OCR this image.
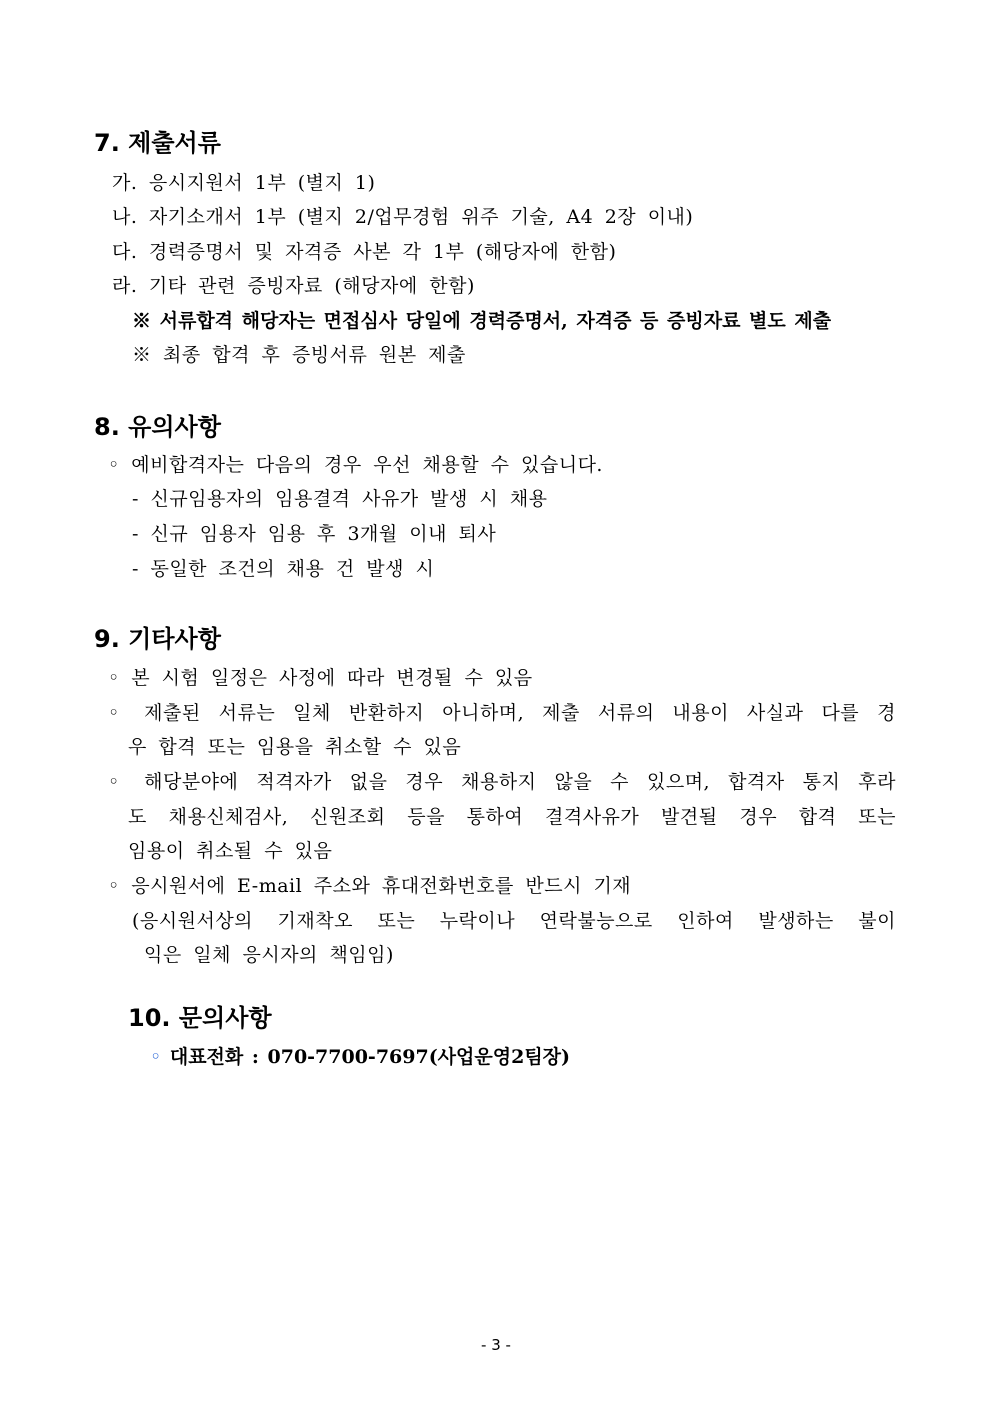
7. 제출서류
가. 응시지원서 1부 (별지 1)
나. 자기소개서 1부 (별지 2/업무경험 위주 기술, A4 2장 이내)
다. 경력증명서 및 자격증 사본 각 1부 (해당자에 한함)
라. 기타 관련 증빙자료 (해당자에 한함)
※ 서류합격 해당자는 면접심사 당일에 경력증명서, 자격증 등 증빙자료 별도 제출
※ 최종 합격 후 증빙서류 원본 제출
8. 유의사항
◦ 예비합격자는 다음의 경우 우선 채용할 수 있습니다.
- 신규임용자의 임용결격 사유가 발생 시 채용
- 신규 임용자 임용 후 3개월 이내 퇴사
- 동일한 조건의 채용 건 발생 시
9. 기타사항
◦ 본 시험 일정은 사정에 따라 변경될 수 있음
◦ 제출된 서류는 일체 반환하지 아니하며, 제출 서류의 내용이 사실과 다를 경
우 합격 또는 임용을 취소할 수 있음
◦ 해당분야에 적격자가 없을 경우 채용하지 않을 수 있으며, 합격자 통지 후라
도 채용신체검사, 신원조회 등을 통하여 결격사유가 발견될 경우 합격 또는
임용이 취소될 수 있음
◦ 응시원서에 E-mail 주소와 휴대전화번호를 반드시 기재
(응시원서상의 기재착오 또는 누락이나 연락불능으로 인하여 발생하는 불이
익은 일체 응시자의 책임임)
10. 문의사항
◦ 대표전화 : 070-7700-7697(사업운영2팀장)
- 3 -
